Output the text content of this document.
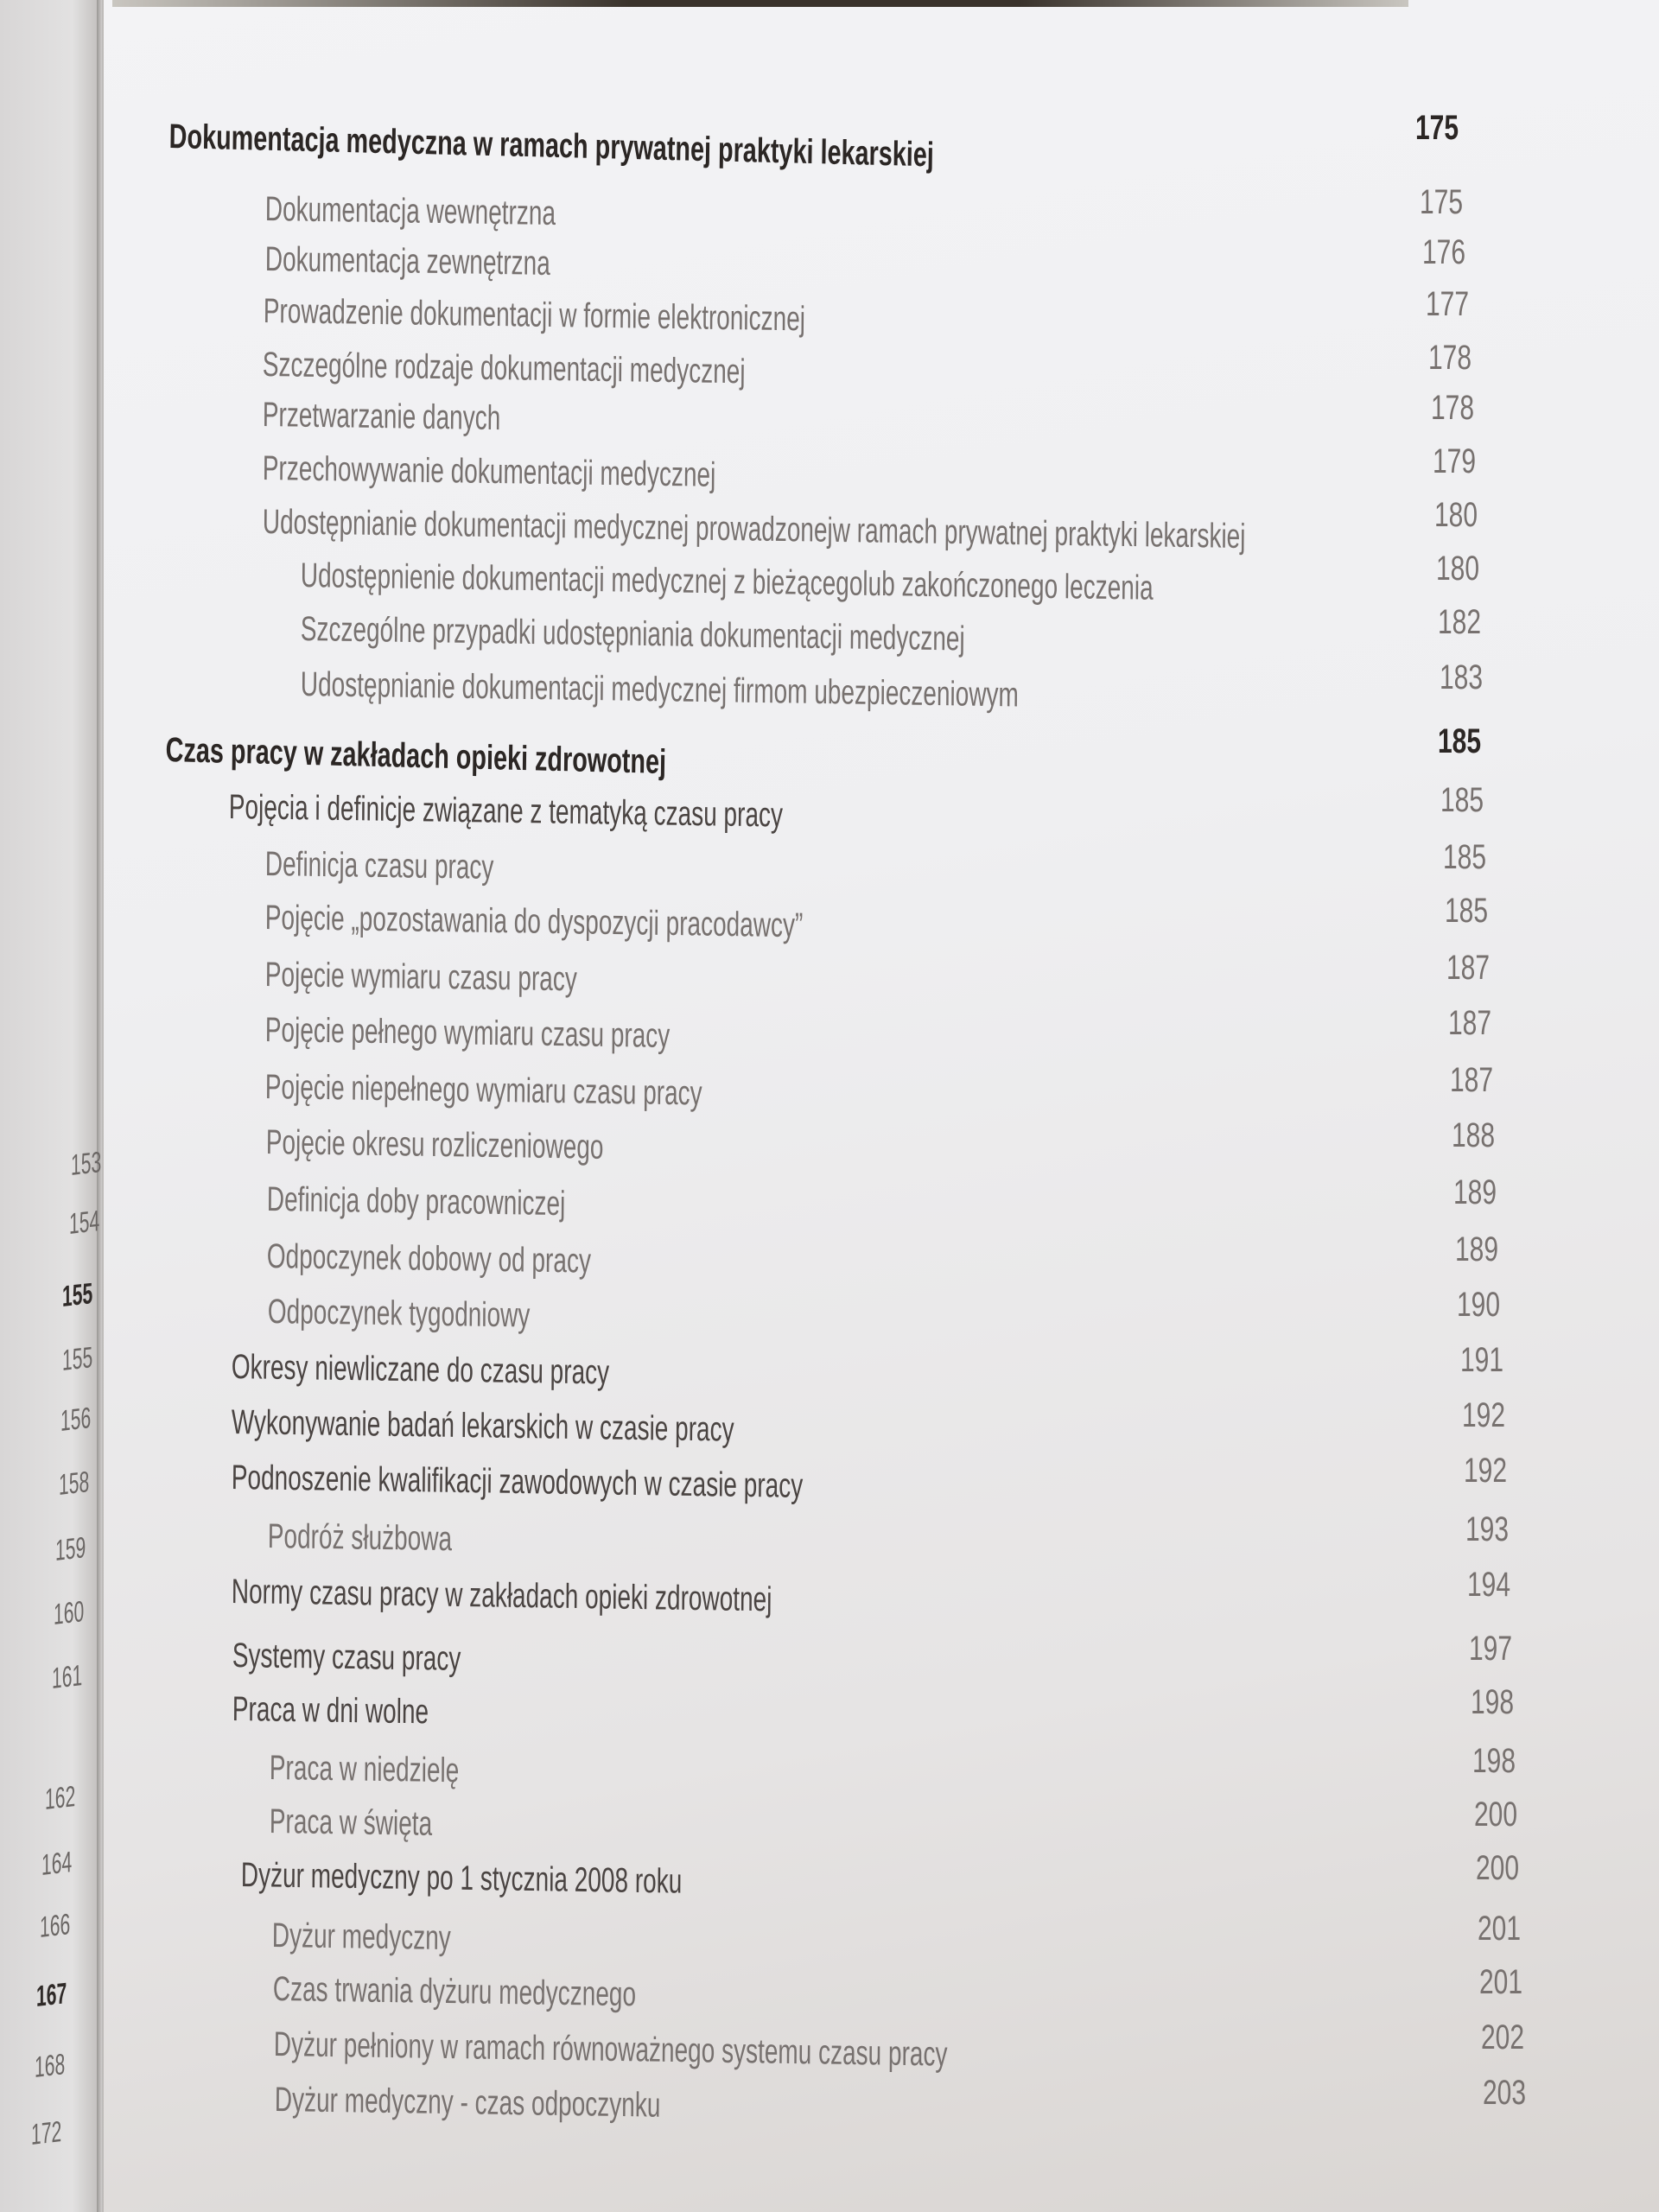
153
154
155
155
156
158
159
160
161
162
164
166
167
168
172
Dokumentacja medyczna w ramach prywatnej praktyki lekarskiej	175
Dokumentacja wewnętrzna	175
Dokumentacja zewnętrzna	176
Prowadzenie dokumentacji w formie elektronicznej	177
Szczególne rodzaje dokumentacji medycznej	178
Przetwarzanie danych	178
Przechowywanie dokumentacji medycznej	179
Udostępnianie dokumentacji medycznej prowadzonejw ramach prywatnej praktyki lekarskiej	180
Udostępnienie dokumentacji medycznej z bieżącegolub zakończonego leczenia	180
Szczególne przypadki udostępniania dokumentacji medycznej	182
Udostępnianie dokumentacji medycznej firmom ubezpieczeniowym	183
Czas pracy w zakładach opieki zdrowotnej	185
Pojęcia i definicje związane z tematyką czasu pracy	185
Definicja czasu pracy	185
Pojęcie „pozostawania do dyspozycji pracodawcy”	185
Pojęcie wymiaru czasu pracy	187
Pojęcie pełnego wymiaru czasu pracy	187
Pojęcie niepełnego wymiaru czasu pracy	187
Pojęcie okresu rozliczeniowego	188
Definicja doby pracowniczej	189
Odpoczynek dobowy od pracy	189
Odpoczynek tygodniowy	190
Okresy niewliczane do czasu pracy	191
Wykonywanie badań lekarskich w czasie pracy	192
Podnoszenie kwalifikacji zawodowych w czasie pracy	192
Podróż służbowa	193
Normy czasu pracy w zakładach opieki zdrowotnej	194
Systemy czasu pracy	197
Praca w dni wolne	198
Praca w niedzielę	198
Praca w święta	200
Dyżur medyczny po 1 stycznia 2008 roku	200
Dyżur medyczny	201
Czas trwania dyżuru medycznego	201
Dyżur pełniony w ramach równoważnego systemu czasu pracy	202
Dyżur medyczny - czas odpoczynku	203
